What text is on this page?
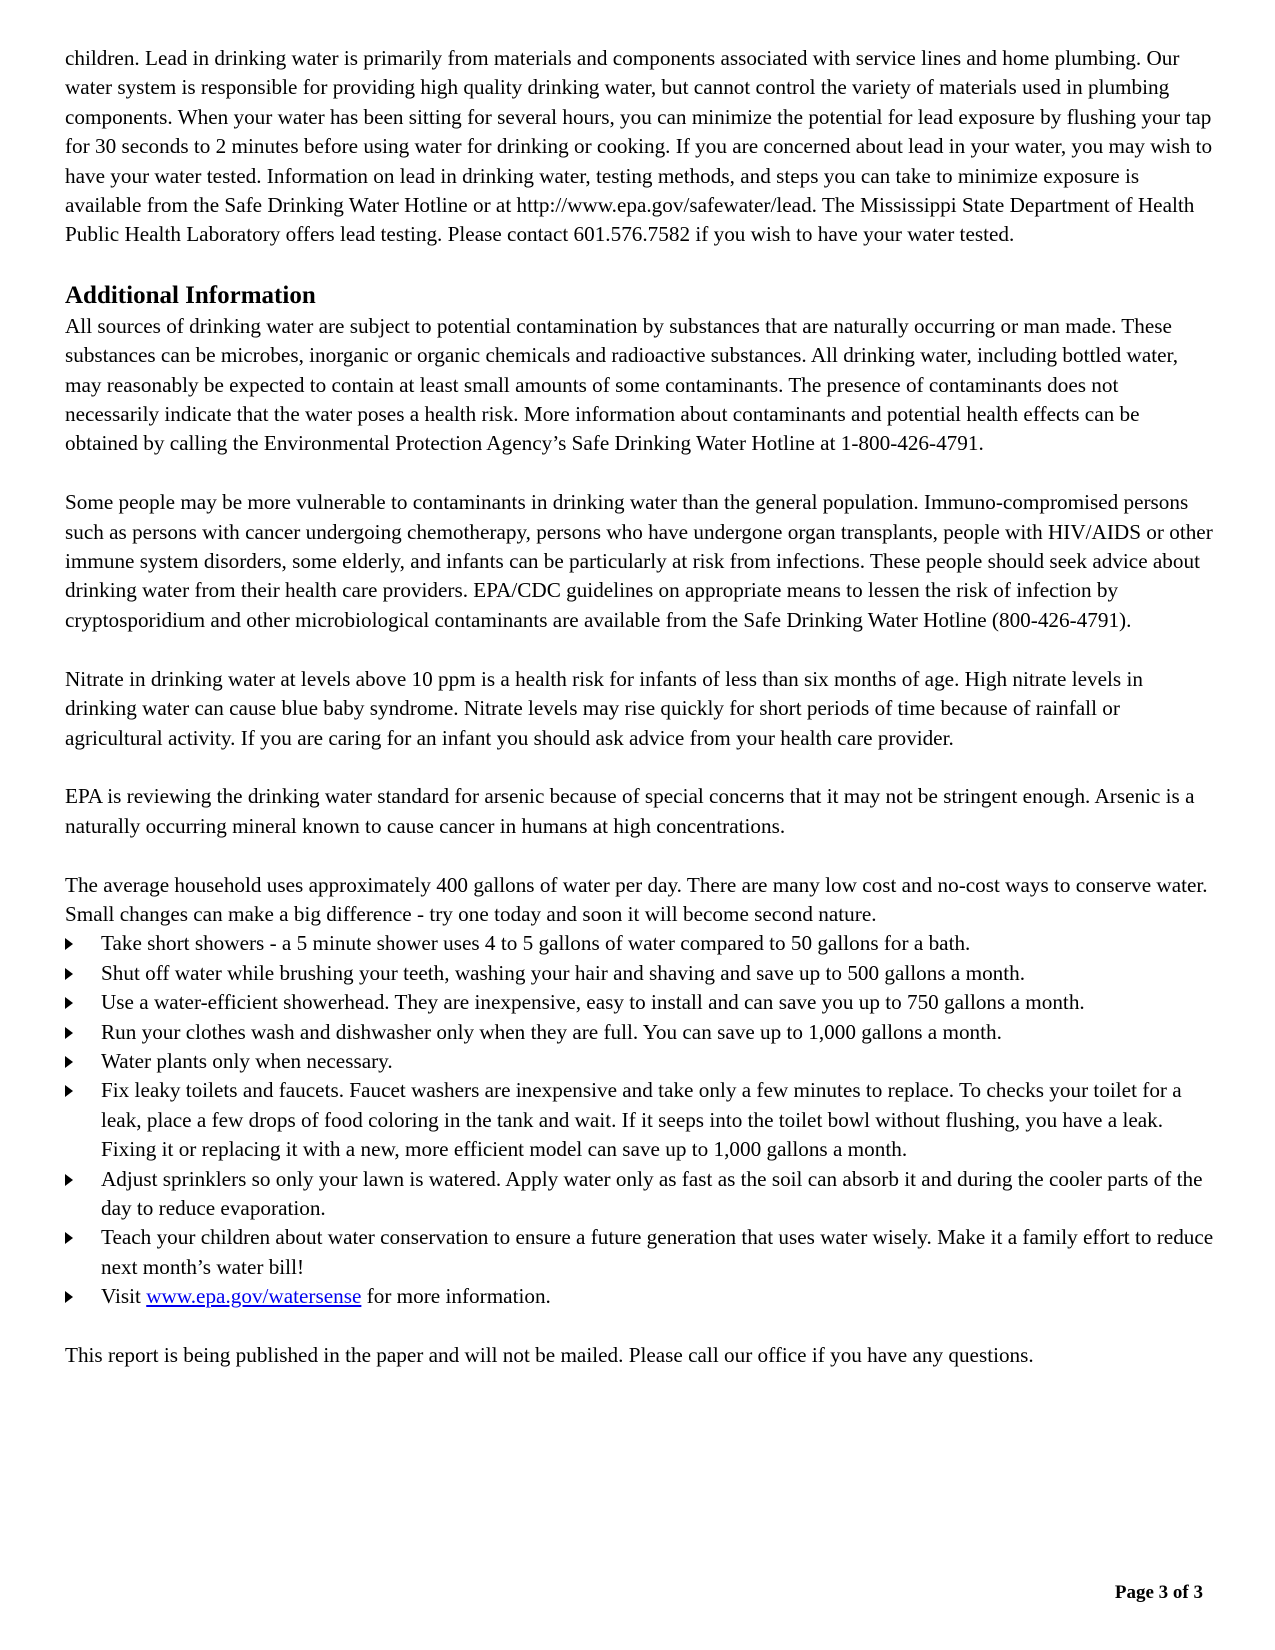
children. Lead in drinking water is primarily from materials and components associated with service lines and home plumbing. Our water system is responsible for providing high quality drinking water, but cannot control the variety of materials used in plumbing components. When your water has been sitting for several hours, you can minimize the potential for lead exposure by flushing your tap for 30 seconds to 2 minutes before using water for drinking or cooking. If you are concerned about lead in your water, you may wish to have your water tested. Information on lead in drinking water, testing methods, and steps you can take to minimize exposure is available from the Safe Drinking Water Hotline or at http://www.epa.gov/safewater/lead. The Mississippi State Department of Health Public Health Laboratory offers lead testing. Please contact 601.576.7582 if you wish to have your water tested.

Additional Information

All sources of drinking water are subject to potential contamination by substances that are naturally occurring or man made. These substances can be microbes, inorganic or organic chemicals and radioactive substances. All drinking water, including bottled water, may reasonably be expected to contain at least small amounts of some contaminants. The presence of contaminants does not necessarily indicate that the water poses a health risk. More information about contaminants and potential health effects can be obtained by calling the Environmental Protection Agency’s Safe Drinking Water Hotline at 1-800-426-4791.

Some people may be more vulnerable to contaminants in drinking water than the general population. Immuno-compromised persons such as persons with cancer undergoing chemotherapy, persons who have undergone organ transplants, people with HIV/AIDS or other immune system disorders, some elderly, and infants can be particularly at risk from infections. These people should seek advice about drinking water from their health care providers. EPA/CDC guidelines on appropriate means to lessen the risk of infection by cryptosporidium and other microbiological contaminants are available from the Safe Drinking Water Hotline (800-426-4791).

Nitrate in drinking water at levels above 10 ppm is a health risk for infants of less than six months of age. High nitrate levels in drinking water can cause blue baby syndrome. Nitrate levels may rise quickly for short periods of time because of rainfall or agricultural activity. If you are caring for an infant you should ask advice from your health care provider.

EPA is reviewing the drinking water standard for arsenic because of special concerns that it may not be stringent enough. Arsenic is a naturally occurring mineral known to cause cancer in humans at high concentrations.

The average household uses approximately 400 gallons of water per day. There are many low cost and no-cost ways to conserve water. Small changes can make a big difference - try one today and soon it will become second nature.

Take short showers - a 5 minute shower uses 4 to 5 gallons of water compared to 50 gallons for a bath.
Shut off water while brushing your teeth, washing your hair and shaving and save up to 500 gallons a month.
Use a water-efficient showerhead. They are inexpensive, easy to install and can save you up to 750 gallons a month.
Run your clothes wash and dishwasher only when they are full. You can save up to 1,000 gallons a month.
Water plants only when necessary.
Fix leaky toilets and faucets. Faucet washers are inexpensive and take only a few minutes to replace. To checks your toilet for a leak, place a few drops of food coloring in the tank and wait. If it seeps into the toilet bowl without flushing, you have a leak. Fixing it or replacing it with a new, more efficient model can save up to 1,000 gallons a month.
Adjust sprinklers so only your lawn is watered. Apply water only as fast as the soil can absorb it and during the cooler parts of the day to reduce evaporation.
Teach your children about water conservation to ensure a future generation that uses water wisely. Make it a family effort to reduce next month’s water bill!
Visit www.epa.gov/watersense for more information.

This report is being published in the paper and will not be mailed. Please call our office if you have any questions.

Page 3 of 3
